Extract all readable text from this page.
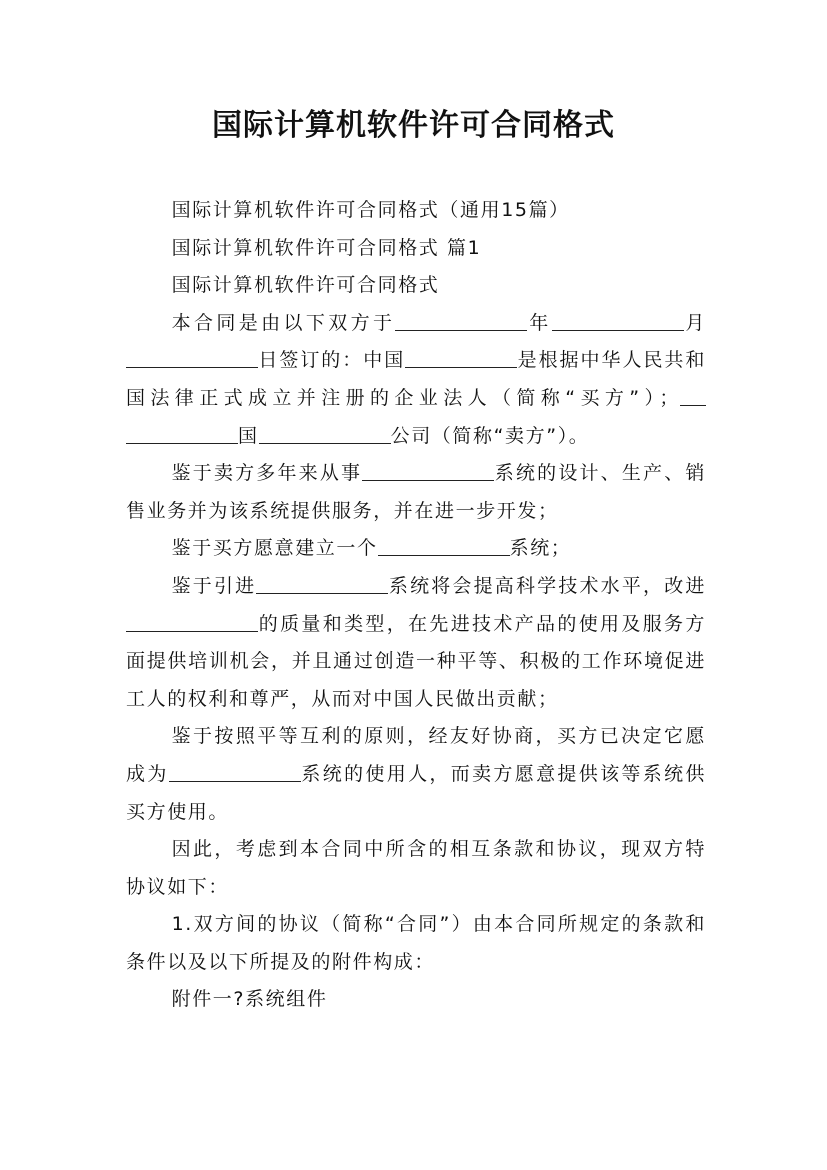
国际计算机软件许可合同格式

国际计算机软件许可合同格式（通用15篇）

国际计算机软件许可合同格式 篇1

国际计算机软件许可合同格式

本合同是由以下双方于	年	月日签订的：中国	是根据中华人民共和国法律正式成立并注册的企业法人（简称“买方”）；国	公司（简称“卖方”）。

鉴于卖方多年来从事	系统的设计、生产、销售业务并为该系统提供服务，并在进一步开发；

鉴于买方愿意建立一个	系统；

鉴于引进	系统将会提高科学技术水平，改进的质量和类型，在先进技术产品的使用及服务方面提供培训机会，并且通过创造一种平等、积极的工作环境促进工人的权利和尊严，从而对中国人民做出贡献；

鉴于按照平等互利的原则，经友好协商，买方已决定它愿成为	系统的使用人，而卖方愿意提供该等系统供买方使用。

因此，考虑到本合同中所含的相互条款和协议，现双方特协议如下：

1.双方间的协议（简称“合同”）由本合同所规定的条款和条件以及以下所提及的附件构成：

附件一?系统组件
